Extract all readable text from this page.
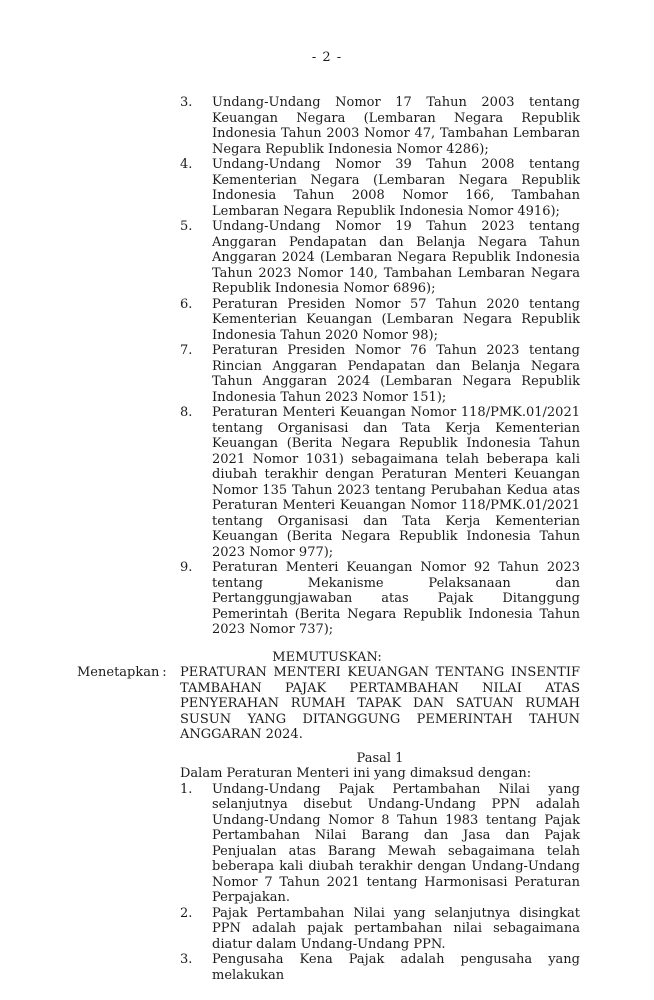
- 2 -
3.	Undang-Undang Nomor 17 Tahun 2003 tentang Keuangan Negara (Lembaran Negara Republik Indonesia Tahun 2003 Nomor 47, Tambahan Lembaran Negara Republik Indonesia Nomor 4286);
4.	Undang-Undang Nomor 39 Tahun 2008 tentang Kementerian Negara (Lembaran Negara Republik Indonesia Tahun 2008 Nomor 166, Tambahan Lembaran Negara Republik Indonesia Nomor 4916);
5.	Undang-Undang Nomor 19 Tahun 2023 tentang Anggaran Pendapatan dan Belanja Negara Tahun Anggaran 2024 (Lembaran Negara Republik Indonesia Tahun 2023 Nomor 140, Tambahan Lembaran Negara Republik Indonesia Nomor 6896);
6.	Peraturan Presiden Nomor 57 Tahun 2020 tentang Kementerian Keuangan (Lembaran Negara Republik Indonesia Tahun 2020 Nomor 98);
7.	Peraturan Presiden Nomor 76 Tahun 2023 tentang Rincian Anggaran Pendapatan dan Belanja Negara Tahun Anggaran 2024 (Lembaran Negara Republik Indonesia Tahun 2023 Nomor 151);
8.	Peraturan Menteri Keuangan Nomor 118/PMK.01/2021 tentang Organisasi dan Tata Kerja Kementerian Keuangan (Berita Negara Republik Indonesia Tahun 2021 Nomor 1031) sebagaimana telah beberapa kali diubah terakhir dengan Peraturan Menteri Keuangan Nomor 135 Tahun 2023 tentang Perubahan Kedua atas Peraturan Menteri Keuangan Nomor 118/PMK.01/2021 tentang Organisasi dan Tata Kerja Kementerian Keuangan (Berita Negara Republik Indonesia Tahun 2023 Nomor 977);
9.	Peraturan Menteri Keuangan Nomor 92 Tahun 2023 tentang Mekanisme Pelaksanaan dan Pertanggungjawaban atas Pajak Ditanggung Pemerintah (Berita Negara Republik Indonesia Tahun 2023 Nomor 737);
MEMUTUSKAN:
Menetapkan :	PERATURAN MENTERI KEUANGAN TENTANG INSENTIF TAMBAHAN PAJAK PERTAMBAHAN NILAI ATAS PENYERAHAN RUMAH TAPAK DAN SATUAN RUMAH SUSUN YANG DITANGGUNG PEMERINTAH TAHUN ANGGARAN 2024.
Pasal 1
Dalam Peraturan Menteri ini yang dimaksud dengan:
1.	Undang-Undang Pajak Pertambahan Nilai yang selanjutnya disebut Undang-Undang PPN adalah Undang-Undang Nomor 8 Tahun 1983 tentang Pajak Pertambahan Nilai Barang dan Jasa dan Pajak Penjualan atas Barang Mewah sebagaimana telah beberapa kali diubah terakhir dengan Undang-Undang Nomor 7 Tahun 2021 tentang Harmonisasi Peraturan Perpajakan.
2.	Pajak Pertambahan Nilai yang selanjutnya disingkat PPN adalah pajak pertambahan nilai sebagaimana diatur dalam Undang-Undang PPN.
3.	Pengusaha Kena Pajak adalah pengusaha yang melakukan
